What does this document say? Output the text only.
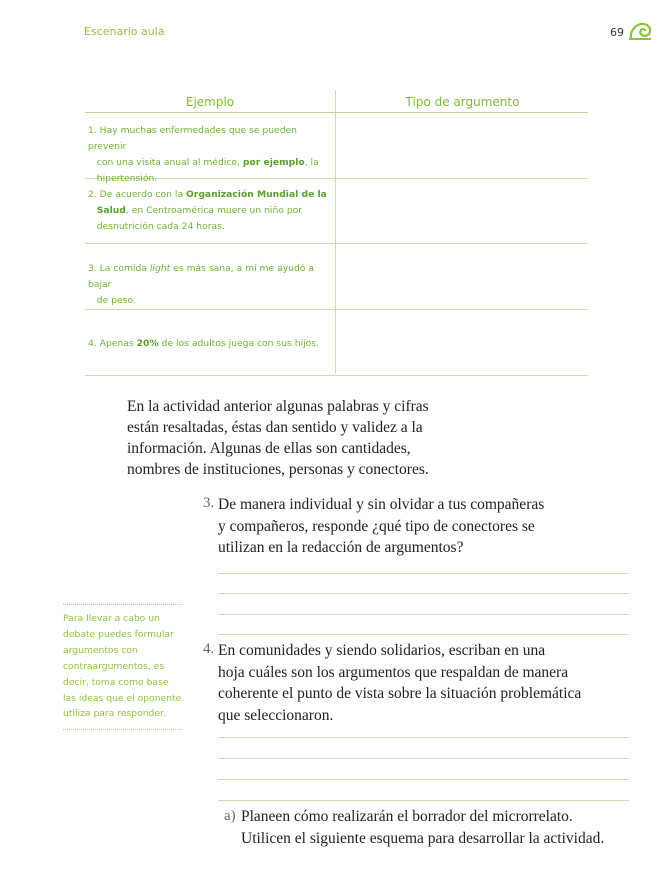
Escenario aula	69
Ejemplo	Tipo de argumento
1. Hay muchas enfermedades que se pueden prevenir
con una visita anual al médico, por ejemplo, la
hipertensión.
2. De acuerdo con la Organización Mundial de la
Salud, en Centroamérica muere un niño por
desnutrición cada 24 horas.
3. La comida light es más sana, a mí me ayudó a bajar
de peso.
4. Apenas 20% de los adultos juega con sus hijos.
En la actividad anterior algunas palabras y cifras
están resaltadas, éstas dan sentido y validez a la
información. Algunas de ellas son cantidades,
nombres de instituciones, personas y conectores.
3. De manera individual y sin olvidar a tus compañeras
y compañeros, responde ¿qué tipo de conectores se
utilizan en la redacción de argumentos?
Para llevar a cabo un
debate puedes formular
argumentos con
contraargumentos, es
decir, toma como base
las ideas que el oponente
utiliza para responder.
4. En comunidades y siendo solidarios, escriban en una
hoja cuáles son los argumentos que respaldan de manera
coherente el punto de vista sobre la situación problemática
que seleccionaron.
a) Planeen cómo realizarán el borrador del microrrelato.
Utilicen el siguiente esquema para desarrollar la actividad.
